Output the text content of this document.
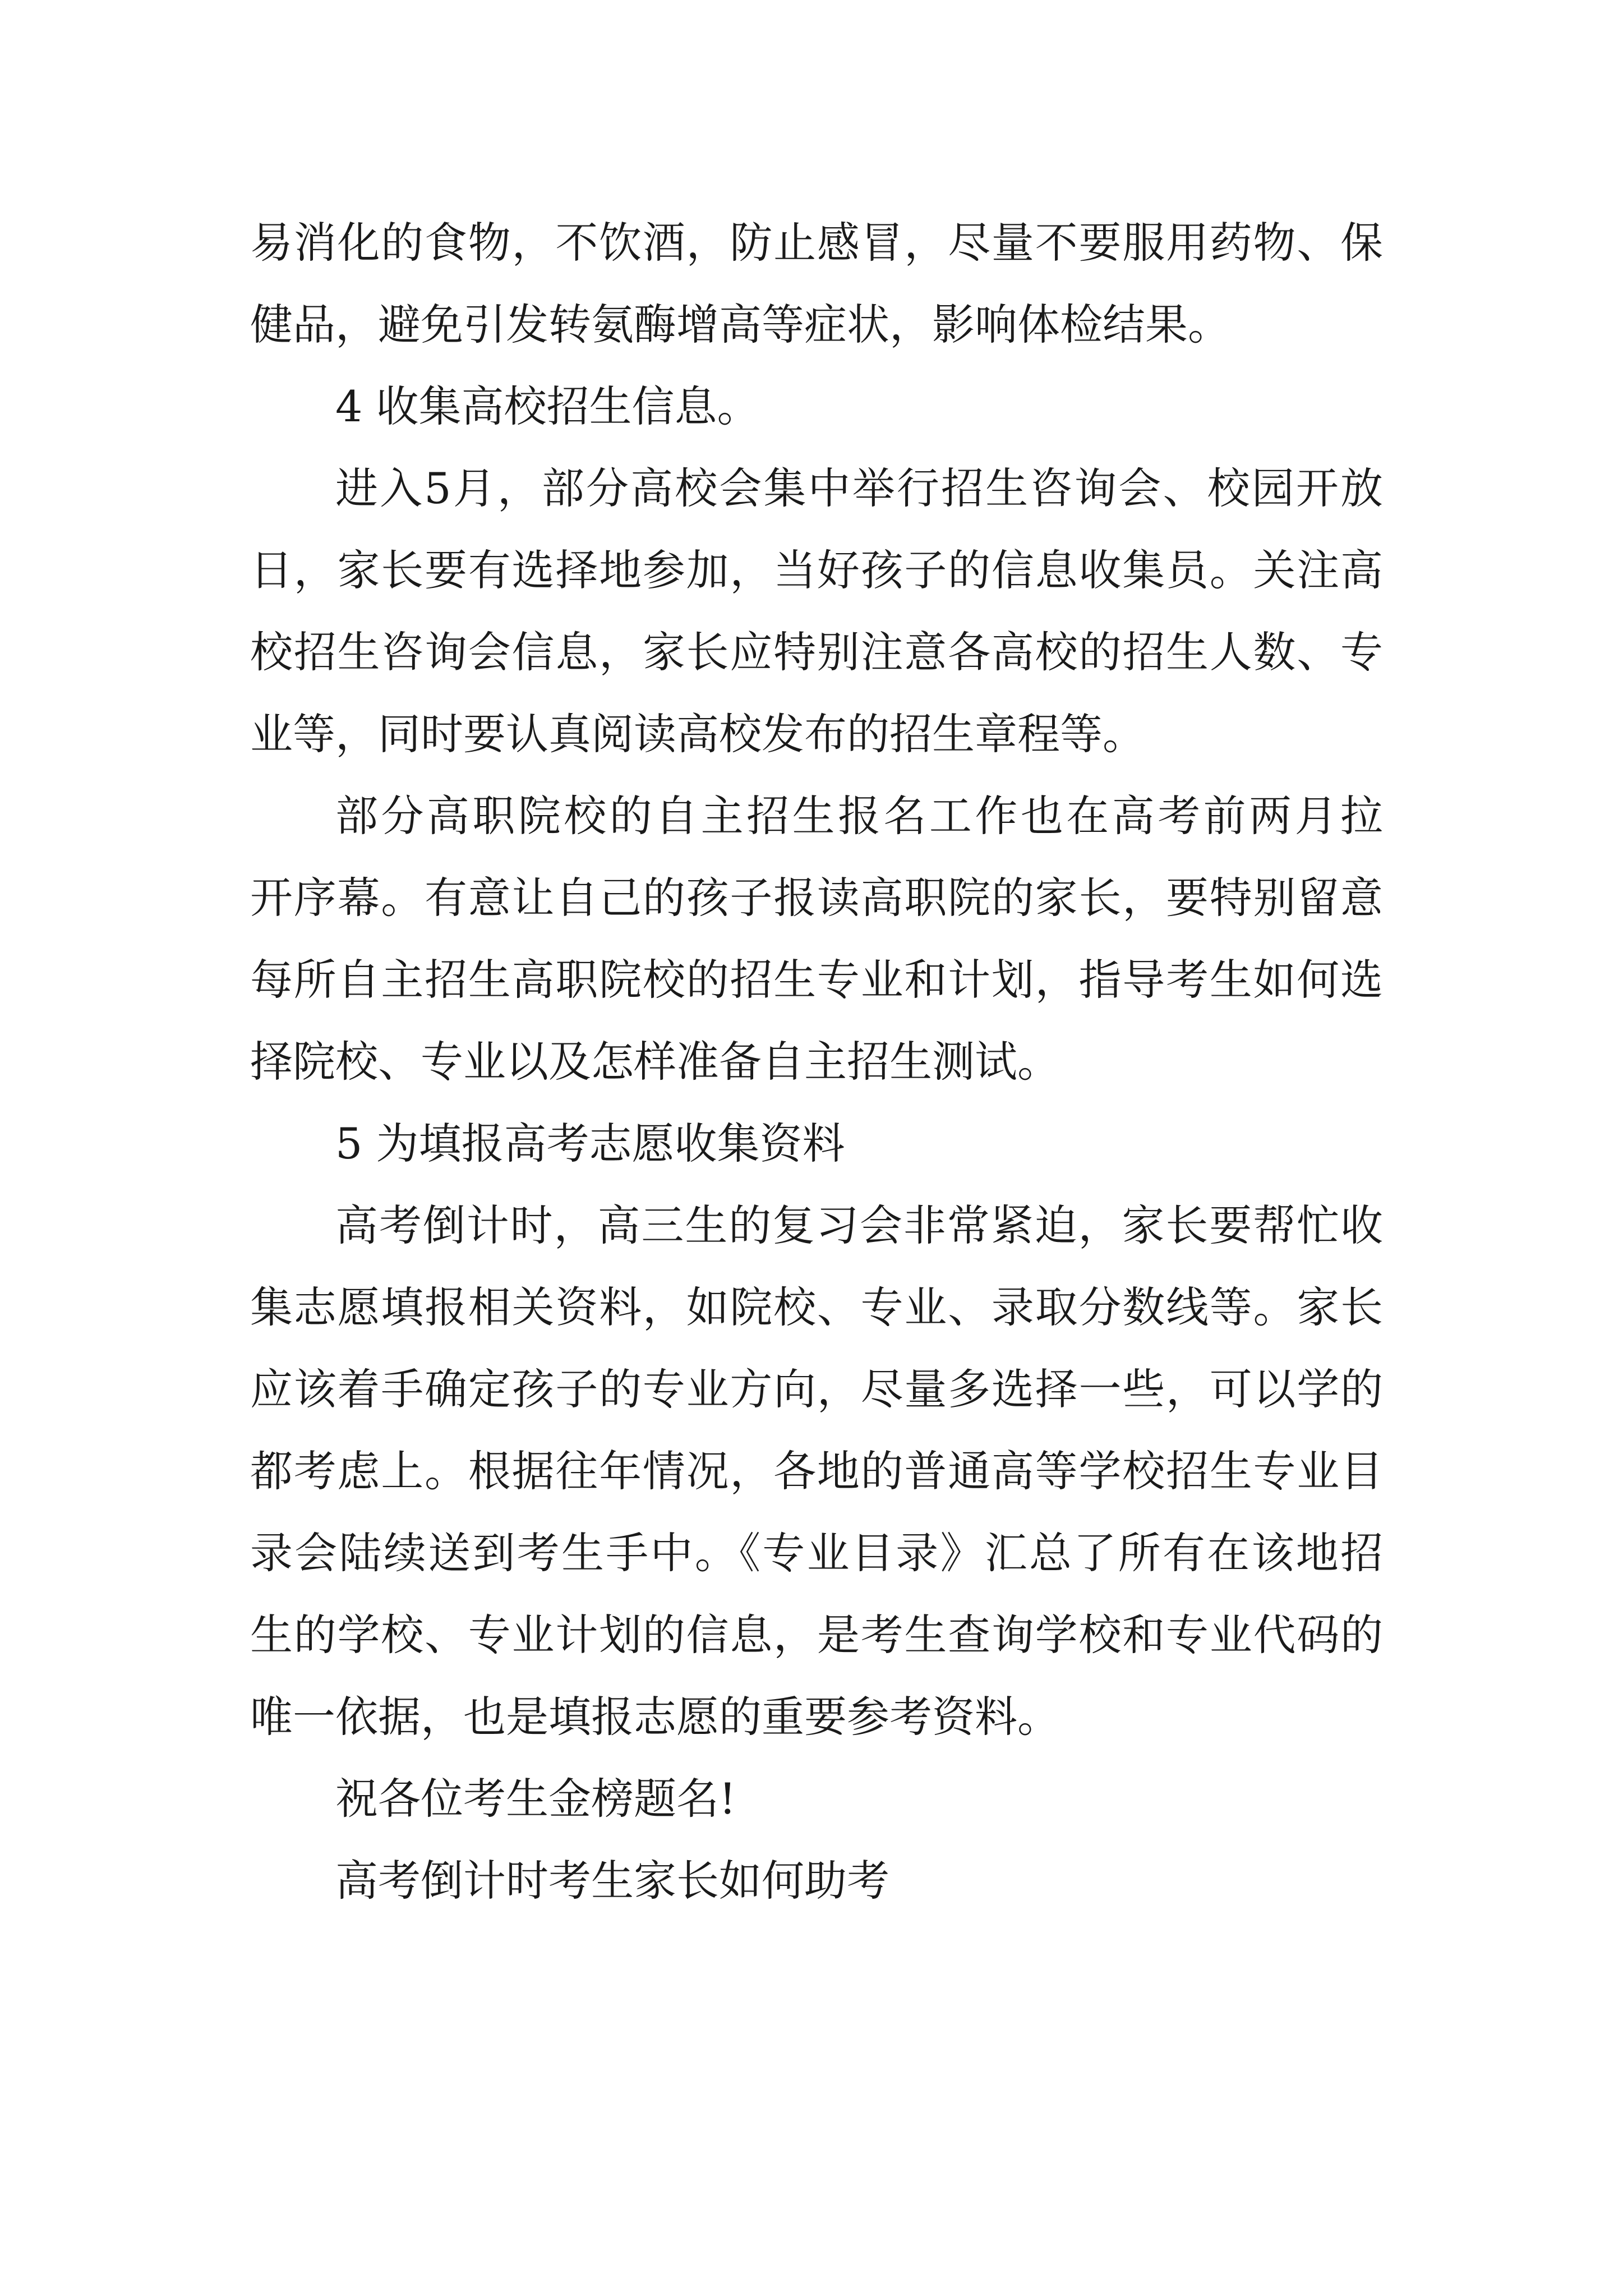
易消化的食物，不饮酒，防止感冒，尽量不要服用药物、保
健品，避免引发转氨酶增高等症状，影响体检结果。
4 收集高校招生信息。
进入5月，部分高校会集中举行招生咨询会、校园开放
日，家长要有选择地参加，当好孩子的信息收集员。关注高
校招生咨询会信息，家长应特别注意各高校的招生人数、专
业等，同时要认真阅读高校发布的招生章程等。
部分高职院校的自主招生报名工作也在高考前两月拉
开序幕。有意让自己的孩子报读高职院的家长，要特别留意
每所自主招生高职院校的招生专业和计划，指导考生如何选
择院校、专业以及怎样准备自主招生测试。
5 为填报高考志愿收集资料
高考倒计时，高三生的复习会非常紧迫，家长要帮忙收
集志愿填报相关资料，如院校、专业、录取分数线等。家长
应该着手确定孩子的专业方向，尽量多选择一些，可以学的
都考虑上。根据往年情况，各地的普通高等学校招生专业目
录会陆续送到考生手中。《专业目录》汇总了所有在该地招
生的学校、专业计划的信息，是考生查询学校和专业代码的
唯一依据，也是填报志愿的重要参考资料。
祝各位考生金榜题名!
高考倒计时考生家长如何助考
